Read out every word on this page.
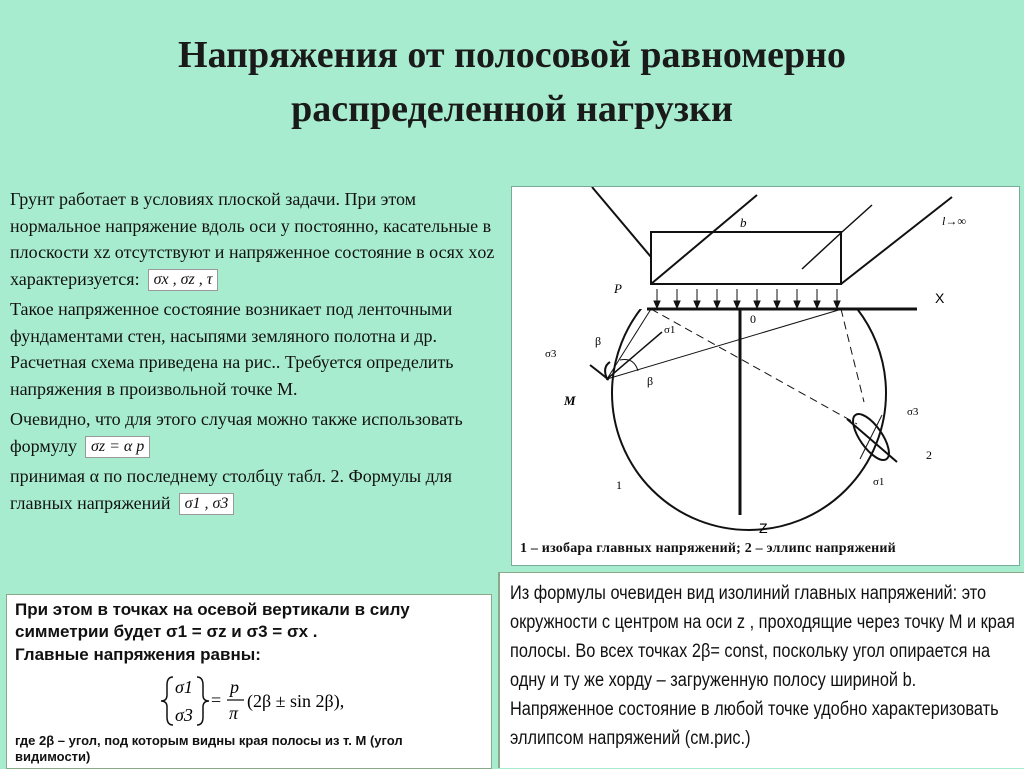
Напряжения от полосовой равномерно
распределенной нагрузки

Грунт работает в условиях плоской задачи. При этом нормальное напряжение вдоль оси y постоянно, касательные в плоскости xz отсутствуют и напряженное состояние в осях xoz характеризуется: σx , σz , τ

Такое напряженное состояние возникает под ленточными фундаментами стен, насыпями земляного полотна и др. Расчетная схема приведена на рис.. Требуется определить напряжения в произвольной точке M.

Очевидно, что для этого случая можно также использовать формулу σz = α p

принимая α по последнему столбцу табл. 2. Формулы для главных напряжений σ1 , σ3

b	l→∞
P
X
0
σ1
σ3
β
β
M
σ3
2
σ1
1
Z
1 – изобара главных напряжений; 2 – эллипс напряжений
При этом в точках на осевой вертикали в силу
симметрии будет σ1 = σz и σ3 = σx .
Главные напряжения равны:
σ1
σ3
=
p
π
(2β ± sin 2β),
где 2β – угол, под которым видны края полосы из т. M (угол видимости)
Из формулы очевиден вид изолиний главных напряжений: это окружности с центром на оси z , проходящие через точку М и края полосы. Во всех точках 2β= const, поскольку угол опирается на одну и ту же хорду – загруженную полосу шириной b. Напряженное состояние в любой точке удобно характеризовать эллипсом напряжений (см.рис.)
